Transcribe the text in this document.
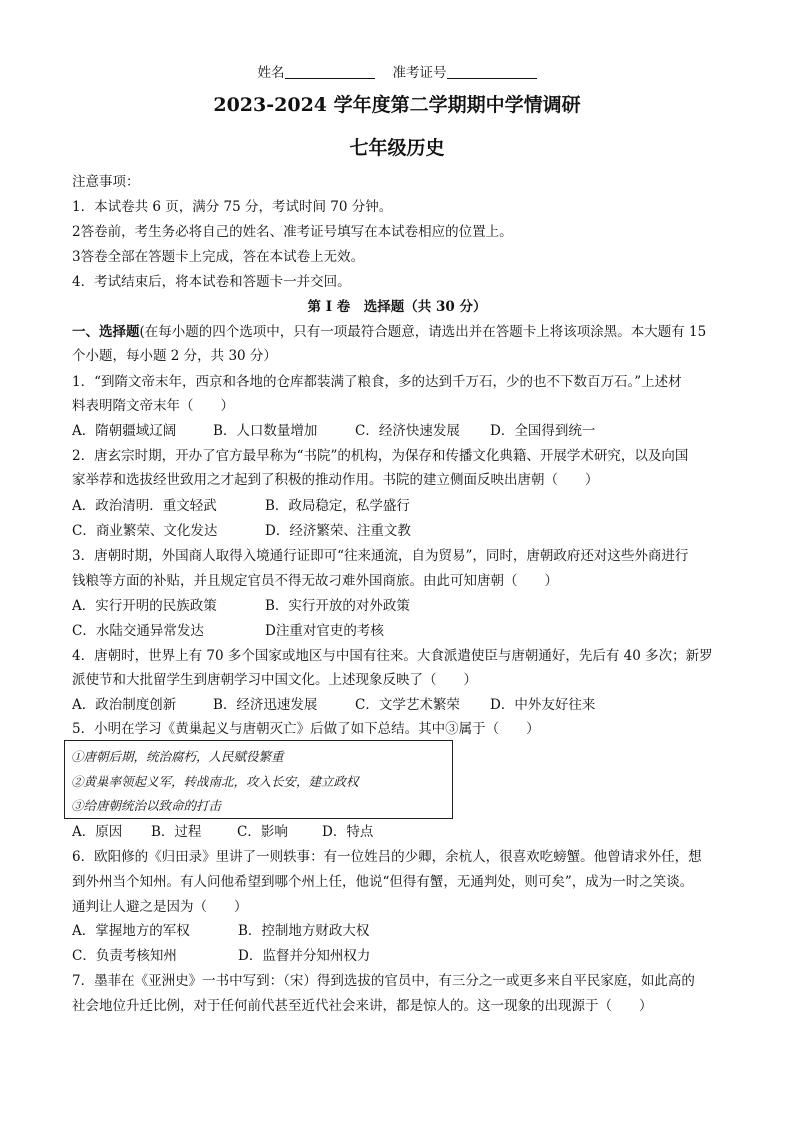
姓名	准考证号
2023-2024 学年度第二学期期中学情调研
七年级历史
注意事项：
1．本试卷共 6 页，满分 75 分，考试时间 70 分钟。
2答卷前，考生务必将自己的姓名、准考证号填写在本试卷相应的位置上。
3答卷全部在答题卡上完成，答在本试卷上无效。
4．考试结束后，将本试卷和答题卡一并交回。
第 I 卷　选择题（共 30 分）
一、选择题(在每小题的四个选项中，只有一项最符合题意，请选出并在答题卡上将该项涂黑。本大题有 15
个小题，每小题 2 分，共 30 分）
1．“到隋文帝末年，西京和各地的仓库都装满了粮食，多的达到千万石，少的也不下数百万石。”上述材
料表明隋文帝末年（　　）
A．隋朝疆域辽阔	B．人口数量增加	C．经济快速发展 D．全国得到统一
2．唐玄宗时期，开办了官方最早称为“书院”的机构，为保存和传播文化典籍、开展学术研究，以及向国
家举荐和选拔经世致用之才起到了积极的推动作用。书院的建立侧面反映出唐朝（　　）
A．政治清明．重文轻武	B．政局稳定，私学盛行
C．商业繁荣、文化发达	D．经济繁荣、注重文教
3．唐朝时期，外国商人取得入境通行证即可“往来通流，自为贸易”，同时，唐朝政府还对这些外商进行
钱粮等方面的补贴，并且规定官员不得无故刁难外国商旅。由此可知唐朝（　　）
A．实行开明的民族政策	B．实行开放的对外政策
C．水陆交通异常发达	D注重对官吏的考核
4．唐朝时，世界上有 70 多个国家或地区与中国有往来。大食派遣使臣与唐朝通好，先后有 40 多次；新罗
派使节和大批留学生到唐朝学习中国文化。上述现象反映了（　　）
A．政治制度创新	B．经济迅速发展	C．文学艺术繁荣 D．中外友好往来
5．小明在学习《黄巢起义与唐朝灭亡》后做了如下总结。其中③属于（　　）
①唐朝后期，统治腐朽，人民赋役繁重
②黄巢率领起义军，转战南北，攻入长安，建立政权
③给唐朝统治以致命的打击
A．原因 B．过程	C．影响	D．特点
6．欧阳修的《归田录》里讲了一则轶事：有一位姓吕的少卿，余杭人，很喜欢吃螃蟹。他曾请求外任，想
到外州当个知州。有人问他希望到哪个州上任，他说“但得有蟹，无通判处，则可矣”，成为一时之笑谈。
通判让人避之是因为（　　）
A．掌握地方的军权	B．控制地方财政大权
C．负责考核知州	D．监督并分知州权力
7．墨菲在《亚洲史》一书中写到：（宋）得到选拔的官员中，有三分之一或更多来自平民家庭，如此高的
社会地位升迁比例，对于任何前代甚至近代社会来讲，都是惊人的。这一现象的出现源于（　　）
